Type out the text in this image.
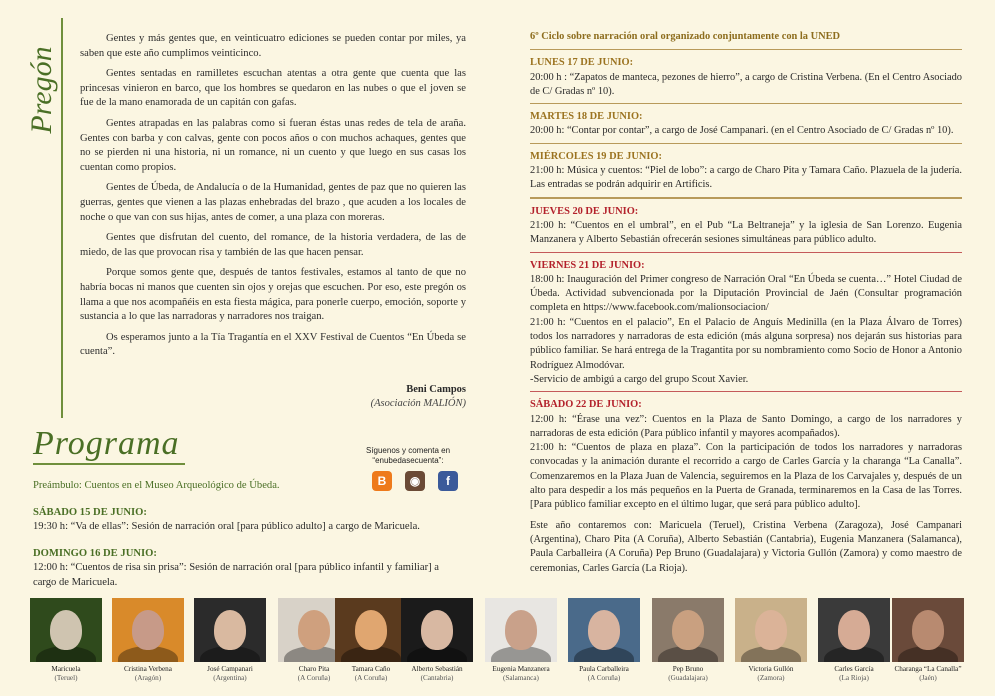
Pregón

Gentes y más gentes que, en veinticuatro ediciones se pueden contar por miles, ya saben que este año cumplimos veinticinco.

Gentes sentadas en ramilletes escuchan atentas a otra gente que cuenta que las princesas vinieron en barco, que los hombres se quedaron en las nubes o que el joven se fue de la mano enamorada de un capitán con gafas.

Gentes atrapadas en las palabras como si fueran éstas unas redes de tela de araña. Gentes con barba y con calvas, gente con pocos años o con muchos achaques, gentes que no se pierden ni una historia, ni un romance, ni un cuento y que luego en sus casas los cuentan como propios.

Gentes de Úbeda, de Andalucía o de la Humanidad, gentes de paz que no quieren las guerras, gentes que vienen a las plazas enhebradas del brazo , que acuden a los locales de noche o que van con sus hijas, antes de comer, a una plaza con moreras.

Gentes que disfrutan del cuento, del romance, de la historia verdadera, de las de miedo, de las que provocan risa y también de las que hacen pensar.

Porque somos gente que, después de tantos festivales, estamos al tanto de que no habría bocas ni manos que cuenten sin ojos y orejas que escuchen. Por eso, este pregón os llama a que nos acompañéis en esta fiesta mágica, para ponerle cuerpo, emoción, soporte y sustancia a lo que las narradoras y narradores nos traigan.

Os esperamos junto a la Tía Tragantía en el XXV Festival de Cuentos “En Úbeda se cuenta”.

Beni Campos
(Asociación MALIÓN)
Programa	Síguenos y comenta en “enubedasecuenta”:
B	◉	f
Preámbulo: Cuentos en el Museo Arqueológico de Úbeda.
SÁBADO 15 DE JUNIO:
19:30 h: “Va de ellas”: Sesión de narración oral [para público adulto] a cargo de Maricuela.
DOMINGO 16 DE JUNIO:
12:00 h: “Cuentos de risa sin prisa”: Sesión de narración oral [para público infantil y familiar] a cargo de Maricuela.
6º Ciclo sobre narración oral organizado conjuntamente con la UNED
LUNES 17 DE JUNIO:
20:00 h : “Zapatos de manteca, pezones de hierro”, a cargo de Cristina Verbena. (En el Centro Asociado de C/ Gradas nº 10).
MARTES 18 DE JUNIO:
20:00 h: “Contar por contar”, a cargo de José Campanari. (en el Centro Asociado de C/ Gradas nº 10).
MIÉRCOLES 19 DE JUNIO:
21:00 h: Música y cuentos: “Piel de lobo”: a cargo de Charo Pita y Tamara Caño. Plazuela de la judería. Las entradas se podrán adquirir en Artificis.
JUEVES 20 DE JUNIO:
21:00 h: “Cuentos en el umbral”, en el Pub “La Beltraneja” y la iglesia de San Lorenzo. Eugenia Manzanera y Alberto Sebastián ofrecerán sesiones simultáneas para público adulto.
VIERNES 21 DE JUNIO:
18:00 h: Inauguración del Primer congreso de Narración Oral “En Úbeda se cuenta…” Hotel Ciudad de Úbeda. Actividad subvencionada por la Diputación Provincial de Jaén (Consultar programación completa en https://www.facebook.com/malionsociacion/
21:00 h: “Cuentos en el palacio”, En el Palacio de Anguís Medinilla (en la Plaza Álvaro de Torres) todos los narradores y narradoras de esta edición (más alguna sorpresa) nos dejarán sus historias para público familiar. Se hará entrega de la Tragantita por su nombramiento como Socio de Honor a Antonio Rodríguez Almodóvar.
-Servicio de ambigú a cargo del grupo Scout Xavier.
SÁBADO 22 DE JUNIO:
12:00 h: “Érase una vez”: Cuentos en la Plaza de Santo Domingo, a cargo de los narradores y narradoras de esta edición (Para público infantil y mayores acompañados).
21:00 h: “Cuentos de plaza en plaza”. Con la participación de todos los narradores y narradoras convocadas y la animación durante el recorrido a cargo de Carles García y la charanga “La Canalla”. Comenzaremos en la Plaza Juan de Valencia, seguiremos en la Plaza de los Carvajales y, después de un alto para despedir a los más pequeños en la Puerta de Granada, terminaremos en la Casa de las Torres. [Para público familiar excepto en el último lugar, que será para público adulto].
Este año contaremos con: Maricuela (Teruel), Cristina Verbena (Zaragoza), José Campanari (Argentina), Charo Pita (A Coruña), Alberto Sebastián (Cantabria), Eugenia Manzanera (Salamanca), Paula Carballeira (A Coruña) Pep Bruno (Guadalajara) y Victoria Gullón (Zamora) y como maestro de ceremonias, Carles García (La Rioja).
Maricuela
(Teruel)
Cristina Verbena
(Aragón)
José Campanari
(Argentina)
Charo Pita
(A Coruña)
Tamara Caño
(A Coruña)
Alberto Sebastián
(Cantabria)
Eugenia Manzanera
(Salamanca)
Paula Carballeira
(A Coruña)
Pep Bruno
(Guadalajara)
Victoria Gullón
(Zamora)
Carles García
(La Rioja)
Charanga “La Canalla”
(Jaén)
